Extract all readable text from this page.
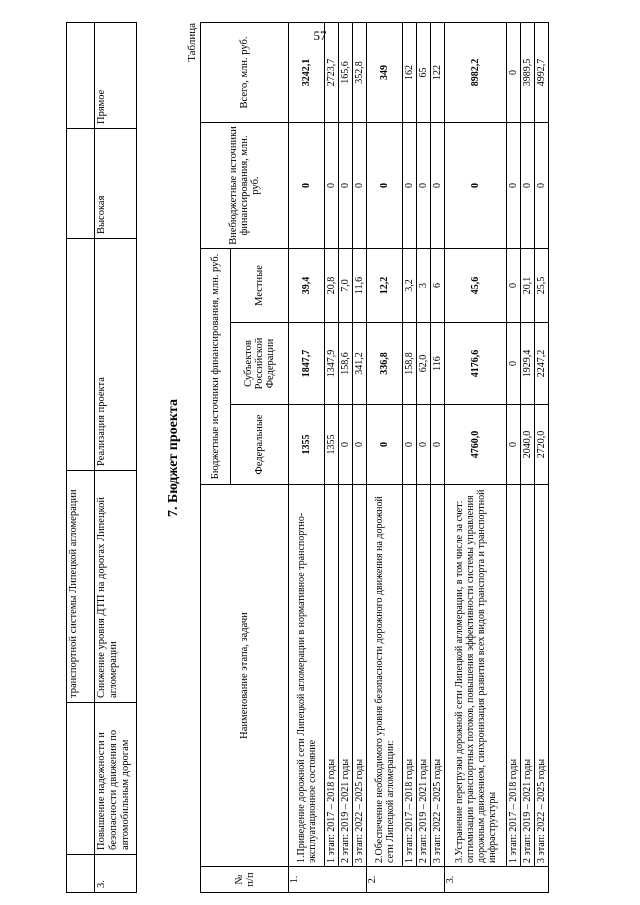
57
		транспортной системы Липецкой агломерации			
3.	Повышение надежности и безопасности движения по автомобильным дорогам	Снижение уровня ДТП на дорогах Липецкой агломерации	Реализация проекта	Высокая	Прямое
7. Бюджет проекта
Таблица
№ п/п	Наименование этапа, задачи	Бюджетные источники финансирования, млн. руб.			Внебюджетные источники финансирования, млн. руб.	Всего, млн. руб.
		Федеральные	Субъектов Российской Федерации	Местные		
1.	1.Приведение дорожной сети Липецкой агломерации в нормативное транспортно-эксплуатационное состояние	1355	1847,7	39,4	0	3242,1
	1 этап: 2017 – 2018 годы	1355	1347,9	20,8	0	2723,7
	2 этап: 2019 – 2021 годы	0	158,6	7,0	0	165,6
	3 этап: 2022 – 2025 годы	0	341,2	11,6	0	352,8
2.	2.Обеспечение необходимого уровня безопасности дорожного движения на дорожной сети Липецкой агломерации:	0	336,8	12,2	0	349
	1 этап: 2017 – 2018 годы	0	158,8	3,2	0	162
	2 этап: 2019 – 2021 годы	0	62,0	3	0	65
	3 этап: 2022 – 2025 годы	0	116	6	0	122
3.	3.Устранение перегрузки дорожной сети Липецкой агломерации, в том числе за счет: оптимизации транспортных потоков, повышения эффективности системы управления дорожным движением, синхронизация развития всех видов транспорта и транспортной инфраструктуры	4760,0	4176,6	45,6	0	8982,2
	1 этап: 2017 – 2018 годы	0	0	0	0	0
	2 этап: 2019 – 2021 годы	2040,0	1929,4	20,1	0	3989,5
	3 этап: 2022 – 2025 годы	2720,0	2247,2	25,5	0	4992,7
